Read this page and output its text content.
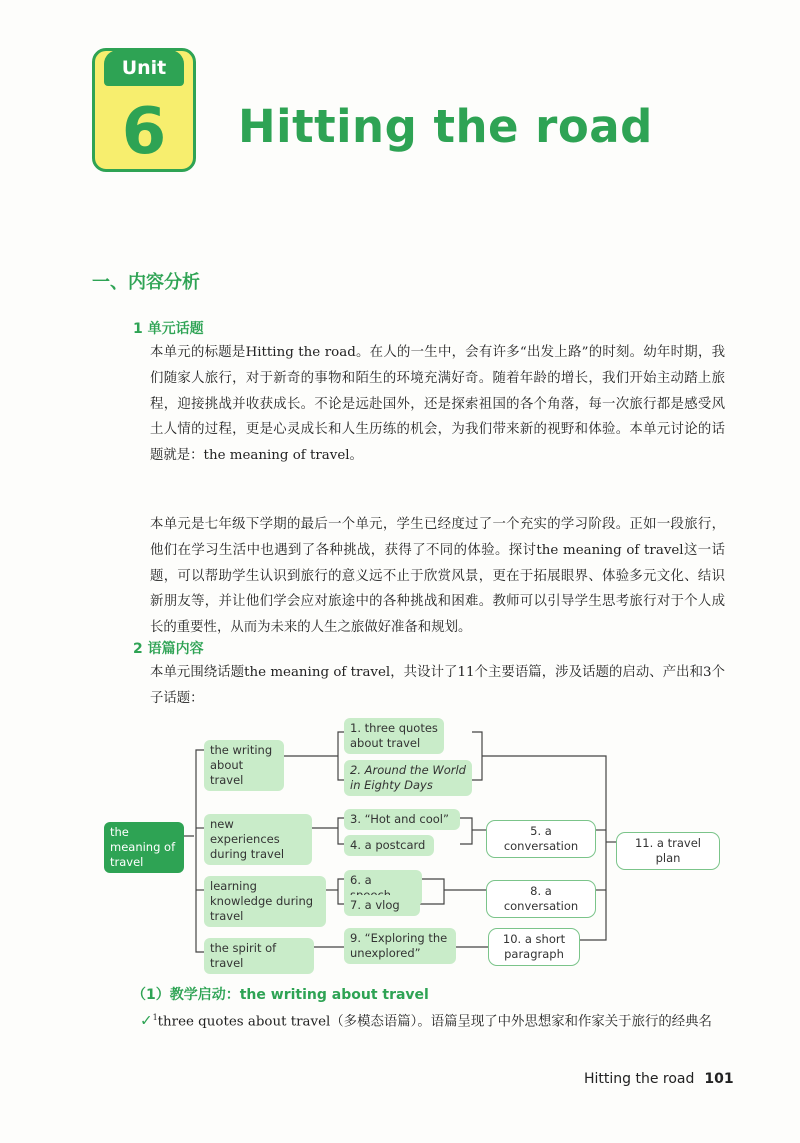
Unit
6	Hitting the road
一、内容分析
1 单元话题
本单元的标题是Hitting the road。在人的一生中，会有许多“出发上路”的时刻。幼年时期，我们随家人旅行，对于新奇的事物和陌生的环境充满好奇。随着年龄的增长，我们开始主动踏上旅程，迎接挑战并收获成长。不论是远赴国外，还是探索祖国的各个角落，每一次旅行都是感受风土人情的过程，更是心灵成长和人生历练的机会，为我们带来新的视野和体验。本单元讨论的话题就是：the meaning of travel。
本单元是七年级下学期的最后一个单元，学生已经度过了一个充实的学习阶段。正如一段旅行，他们在学习生活中也遇到了各种挑战，获得了不同的体验。探讨the meaning of travel这一话题，可以帮助学生认识到旅行的意义远不止于欣赏风景，更在于拓展眼界、体验多元文化、结识新朋友等，并让他们学会应对旅途中的各种挑战和困难。教师可以引导学生思考旅行对于个人成长的重要性，从而为未来的人生之旅做好准备和规划。
2 语篇内容
本单元围绕话题the meaning of travel，共设计了11个主要语篇，涉及话题的启动、产出和3个子话题：
the meaning of travel
the writing about travel
new experiences during travel
learning knowledge during travel
the spirit of travel
1. three quotes about travel
2. Around the World in Eighty Days
3. “Hot and cool”
4. a postcard
6. a
7. a vlog
9. “Exploring the unexplored”
5. a conversation
8. a conversation
10. a short paragraph
11. a travel plan
（1）教学启动：the writing about travel
✓$^1$three quotes about travel（多模态语篇）。语篇呈现了中外思想家和作家关于旅行的经典名
Hitting the road 101
